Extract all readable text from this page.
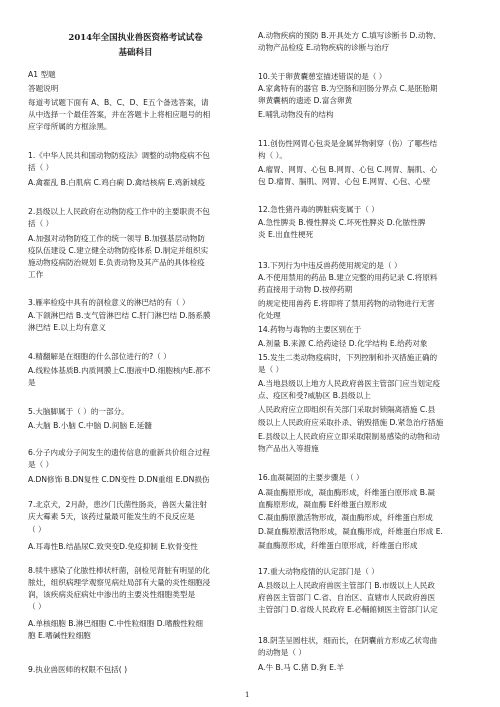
2014年全国执业兽医资格考试试卷
基础科目
A1 型题
答题说明
每道考试题下面有 A、B、C、D、E五个备选答案，请
从中选择一个最佳答案，并在答题卡上将相应题号的相
应字母所属的方框涂黑。
1.《中华人民共和国动物防疫法》调整的动物疫病不包
括（ ）
A.禽霍乱 B.白肌病 C.鸡白痢 D.禽结核病 E.鸡新城疫
2.县级以上人民政府在动物防疫工作中的主要职责不包
括（ ）
A.加强对动物防疫工作的统一领导 B.加强基层动物防
疫队伍建设 C.建立健全动物防疫体系 D.制定并组织实
施动物疫病防治规划 E.负责动物及其产品的具体检疫
工作
3.雁率检疫中具有的剖检意义的淋巴结的有（ ）
A.下颌淋巴结 B.支气管淋巴结 C.肝门淋巴结 D.肠系膜
淋巴结 E.以上均有意义
4.精翻解是在细胞的什么部位进行的?（ ）
A.线粒体基质B.内质网膜上C.胞液中D.细胞核内E.都不
是
5.大脑脚属于（ ）的一部分。
A.大脑 B.小脑 C.中脑 D.间脑 E.延髓
6.分子内或分子间发生的遗传信息的重新共价组合过程
是（ ）
A.DN修饰 B.DN复性 C.DN变性 D.DN重组 E.DN损伤
7.北京犬，2月龄，患沙门氏菌性肠炎，兽医大量注射
庆大霉素 5天，该药过量最可能发生的不良反应是
（ ）
A.耳毒性B.结晶尿C.致突变D.免疫抑制 E.软骨变性
8.犊牛感染了化脓性棒状杆菌，剖检见肾脏有明显的化
脓灶，组织病理学观察见病灶局部有大量的炎性细胞浸
润，该疾病炎症病灶中渗出的主要炎性细胞类型是
（ ）
A.单核细胞 B.淋巴细胞 C.中性粒细胞 D.嗜酸性粒细
胞 E.嗜碱性粒细胞
9.执业兽医师的权限不包括( )
A.动物疾病的预防 B.开具处方 C.填写诊断书 D.动物、
动物产品检疫 E.动物疾病的诊断与治疗
10.关于卵黄囊憩室描述错误的是（ ）
A.家禽特有的器官 B.为空肠和回肠分界点 C.是胚胎期
卵黄囊柄的遗迹 D.富含卵黄
E.哺乳动物没有的结构
11.创伤性网胃心包炎是金属异物刺穿（伤）了哪些结
构（ ）。
A.瘤胃、网胃、心包 B.网胃、心包 C.网胃、膈肌、心
包 D.瘤胃、膈肌、网胃、心包 E.网胃、心包、心壁
12.急性猪丹毒的脾脏病变属于（ ）
A.急性脾炎 B.慢性脾炎 C.坏死性脾炎 D.化脓性脾
炎 E.出血性梗死
13.下列行为中违反兽药使用规定的是（ ）
A.不使用禁用的药品 B.建立完整的用药记录 C.将原料
药直接用于动物 D.按停药期
的规定使用兽药 E.将即将了禁用药物的动物进行无害
化处理
14.药物与毒物的主要区别在于
A.剂量 B.来源 C.给药途径 D.化学结构 E.给药对象
15.发生二类动物疫病时，下列控制和扑灭措施正确的
是（ ）
A.当地县级以上地方人民政府兽医主管部门应当划定疫
点、疫区和受?威胁区 B.县级以上
人民政府应立即组织有关部门采取封锁隔离措施 C.县
级以上人民政府应采取扑杀、销毁措施 D.紧急治疗措施
E.县级以上人民政府应立即采取限制易感染的动物和动
物产品出入等措施
16.血凝凝固的主要步骤是（ ）
A.凝血酶原形成，凝血酶形成，纤维蛋白原形成 B.凝
血酶原形成，凝血酶 E纤维蛋白原形成
C.凝血酶原激活物形成，凝血酶形成，纤维蛋白形成
D.凝血酶原激活物形成，凝血酶形成，纤维蛋白形成 E.
凝血酶原形成，纤维蛋白原形成，纤维蛋白形成
17.重大动物疫情的认定部门是（ ）
A.县级以上人民政府兽医主管部门 B.市级以上人民政
府兽医主管部门 C.省、自治区、直辖市人民政府兽医
主管部门 D.省级人民政府 E.必輔館傾医主管部门认定
18.阴茎呈圆柱状，细而长，在阴囊前方形成乙状弯曲
的动物是（ ）
A.牛 B.马 C.猪 D.狗 E.羊
1
